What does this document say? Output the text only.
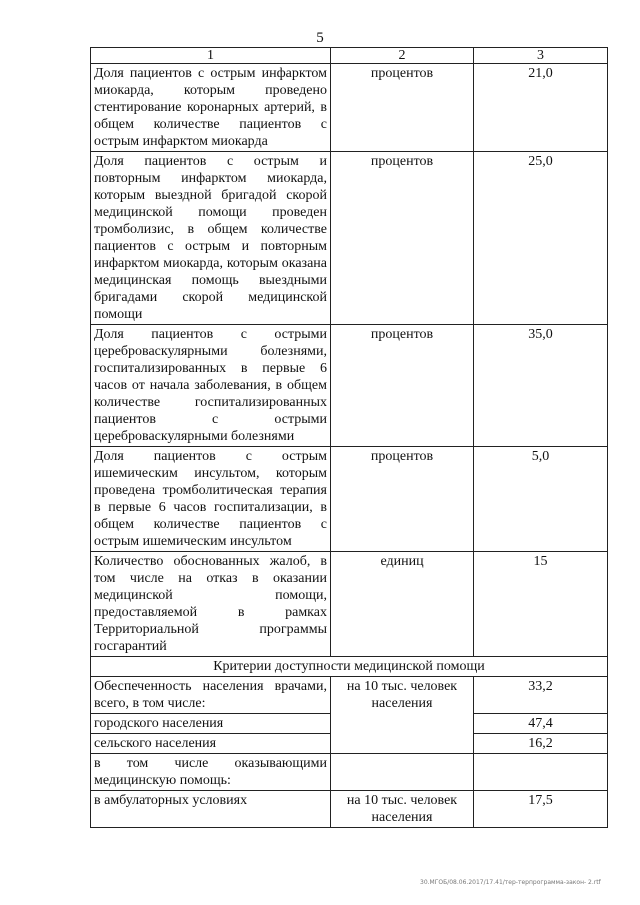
5
1	2	3
Доля пациентов с острым инфарктом миокарда, которым проведено стентирование коронарных артерий, в общем количестве пациентов с острым инфарктом миокарда	процентов	21,0
Доля пациентов с острым и повторным инфарктом миокарда, которым выездной бригадой скорой медицинской помощи проведен тромболизис, в общем количестве пациентов с острым и повторным инфарктом миокарда, которым оказана медицинская помощь выездными бригадами скорой медицинской помощи	процентов	25,0
Доля пациентов с острыми цереброваскулярными болезнями, госпитализированных в первые 6 часов от начала заболевания, в общем количестве госпитализированных пациентов с острыми цереброваскулярными болезнями	процентов	35,0
Доля пациентов с острым ишемическим инсультом, которым проведена тромболитическая терапия в первые 6 часов госпитализации, в общем количестве пациентов с острым ишемическим инсультом	процентов	5,0
Количество обоснованных жалоб, в том числе на отказ в оказании медицинской помощи, предоставляемой в рамках Территориальной программы госгарантий	единиц	15
Критерии доступности медицинской помощи		
Обеспеченность населения врачами, всего, в том числе:	на 10 тыс. человек населения	33,2
городского населения		47,4
сельского населения		16,2
в том числе оказывающими медицинскую помощь:		
в амбулаторных условиях	на 10 тыс. человек населения	17,5
30.МГОБ/08.06.2017/17.41/тер-терпрограмма-закон- 2.rtf
